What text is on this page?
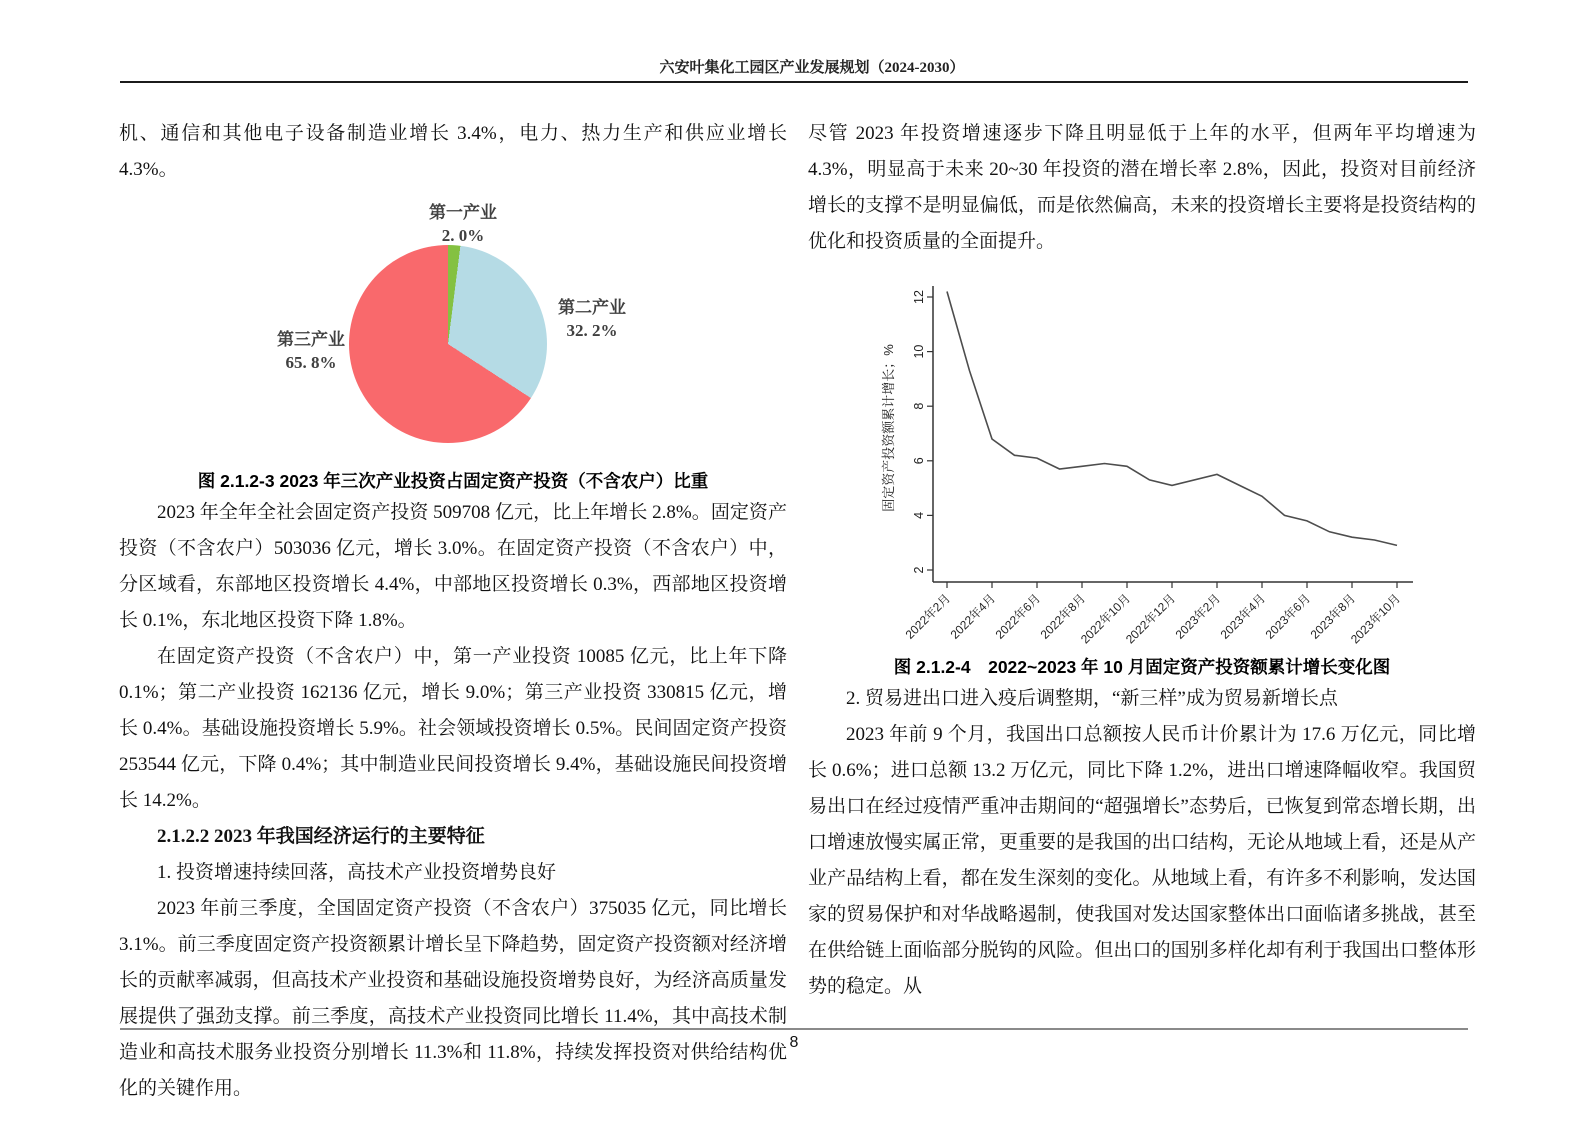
六安叶集化工园区产业发展规划（2024-2030）

机、通信和其他电子设备制造业增长 3.4%，电力、热力生产和供应业增长 4.3%。

第一产业
2. 0%
第二产业
32. 2%
第三产业
65. 8%

图 2.1.2-3 2023 年三次产业投资占固定资产投资（不含农户）比重

2023 年全年全社会固定资产投资 509708 亿元，比上年增长 2.8%。固定资产投资（不含农户）503036 亿元，增长 3.0%。在固定资产投资（不含农户）中，分区域看，东部地区投资增长 4.4%，中部地区投资增长 0.3%，西部地区投资增长 0.1%，东北地区投资下降 1.8%。

在固定资产投资（不含农户）中，第一产业投资 10085 亿元，比上年下降 0.1%；第二产业投资 162136 亿元，增长 9.0%；第三产业投资 330815 亿元，增长 0.4%。基础设施投资增长 5.9%。社会领域投资增长 0.5%。民间固定资产投资 253544 亿元，下降 0.4%；其中制造业民间投资增长 9.4%，基础设施民间投资增长 14.2%。

2.1.2.2 2023 年我国经济运行的主要特征

1. 投资增速持续回落，高技术产业投资增势良好

2023 年前三季度，全国固定资产投资（不含农户）375035 亿元，同比增长 3.1%。前三季度固定资产投资额累计增长呈下降趋势，固定资产投资额对经济增长的贡献率减弱，但高技术产业投资和基础设施投资增势良好，为经济高质量发展提供了强劲支撑。前三季度，高技术产业投资同比增长 11.4%，其中高技术制造业和高技术服务业投资分别增长 11.3%和 11.8%，持续发挥投资对供给结构优化的关键作用。

尽管 2023 年投资增速逐步下降且明显低于上年的水平，但两年平均增速为 4.3%，明显高于未来 20~30 年投资的潜在增长率 2.8%，因此，投资对目前经济增长的支撑不是明显偏低，而是依然偏高，未来的投资增长主要将是投资结构的优化和投资质量的全面提升。

2
4
6
8
10
12
2022年2月
2022年4月
2022年6月
2022年8月
2022年10月
2022年12月
2023年2月
2023年4月
2023年6月
2023年8月
2023年10月
固定资产投资额累计增长；%

图 2.1.2-4　2022~2023 年 10 月固定资产投资额累计增长变化图

2. 贸易进出口进入疫后调整期，“新三样”成为贸易新增长点

2023 年前 9 个月，我国出口总额按人民币计价累计为 17.6 万亿元，同比增长 0.6%；进口总额 13.2 万亿元，同比下降 1.2%，进出口增速降幅收窄。我国贸易出口在经过疫情严重冲击期间的“超强增长”态势后，已恢复到常态增长期，出口增速放慢实属正常，更重要的是我国的出口结构，无论从地域上看，还是从产业产品结构上看，都在发生深刻的变化。从地域上看，有许多不利影响，发达国家的贸易保护和对华战略遏制，使我国对发达国家整体出口面临诸多挑战，甚至在供给链上面临部分脱钩的风险。但出口的国别多样化却有利于我国出口整体形势的稳定。从

8
